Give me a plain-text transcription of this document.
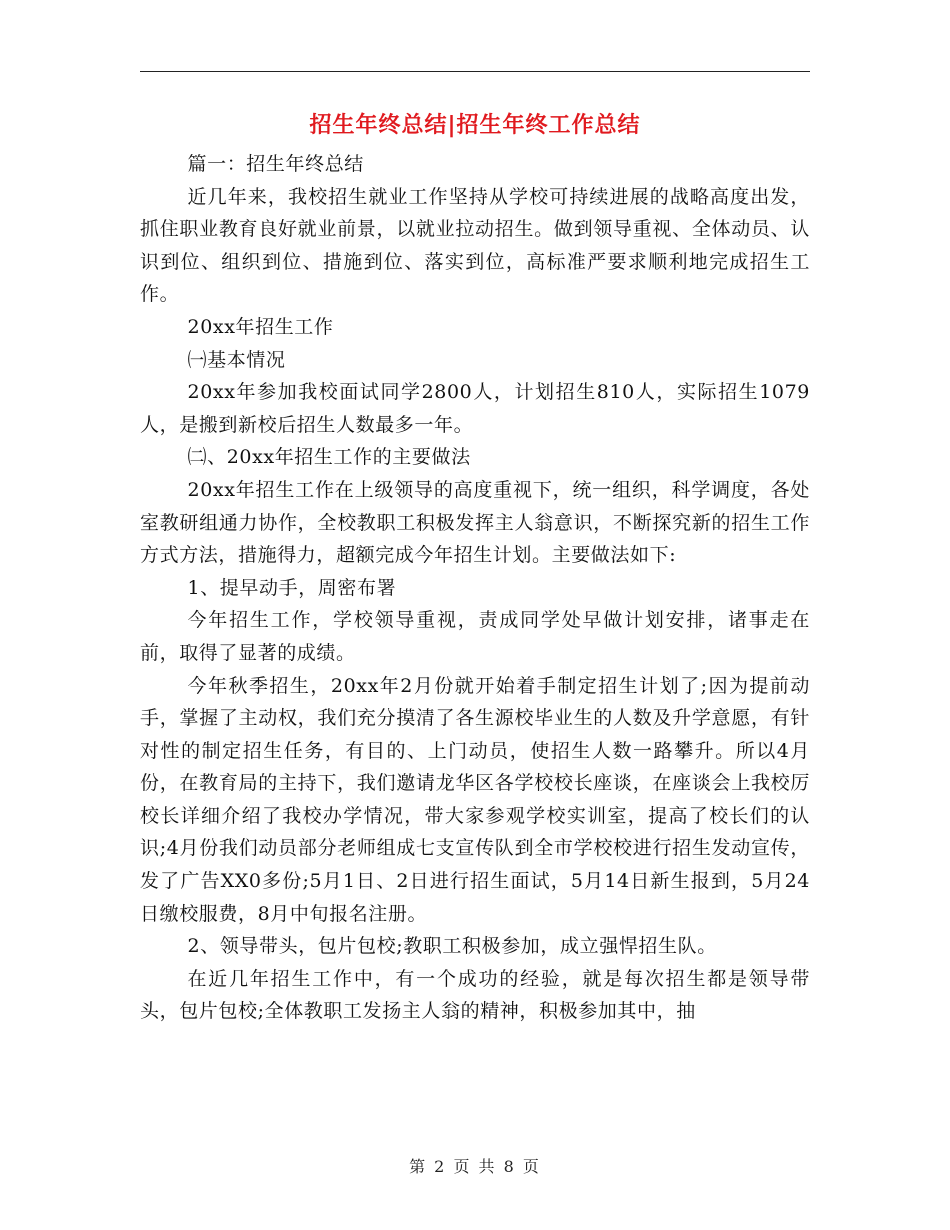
招生年终总结|招生年终工作总结

篇一：招生年终总结

近几年来，我校招生就业工作坚持从学校可持续进展的战略高度出发，抓住职业教育良好就业前景，以就业拉动招生。做到领导重视、全体动员、认识到位、组织到位、措施到位、落实到位，高标准严要求顺利地完成招生工作。

20xx年招生工作

㈠基本情况

20xx年参加我校面试同学2800人，计划招生810人，实际招生1079人，是搬到新校后招生人数最多一年。

㈡、20xx年招生工作的主要做法

20xx年招生工作在上级领导的高度重视下，统一组织，科学调度，各处室教研组通力协作，全校教职工积极发挥主人翁意识，不断探究新的招生工作方式方法，措施得力，超额完成今年招生计划。主要做法如下:

1、提早动手，周密布署

今年招生工作，学校领导重视，责成同学处早做计划安排，诸事走在前，取得了显著的成绩。

今年秋季招生，20xx年2月份就开始着手制定招生计划了;因为提前动手，掌握了主动权，我们充分摸清了各生源校毕业生的人数及升学意愿，有针对性的制定招生任务，有目的、上门动员，使招生人数一路攀升。所以4月份，在教育局的主持下，我们邀请龙华区各学校校长座谈，在座谈会上我校厉校长详细介绍了我校办学情况，带大家参观学校实训室，提高了校长们的认识;4月份我们动员部分老师组成七支宣传队到全市学校校进行招生发动宣传，发了广告XX0多份;5月1日、2日进行招生面试，5月14日新生报到，5月24日缴校服费，8月中旬报名注册。

2、领导带头，包片包校;教职工积极参加，成立强悍招生队。

在近几年招生工作中，有一个成功的经验，就是每次招生都是领导带头，包片包校;全体教职工发扬主人翁的精神，积极参加其中，抽

第 2 页 共 8 页
